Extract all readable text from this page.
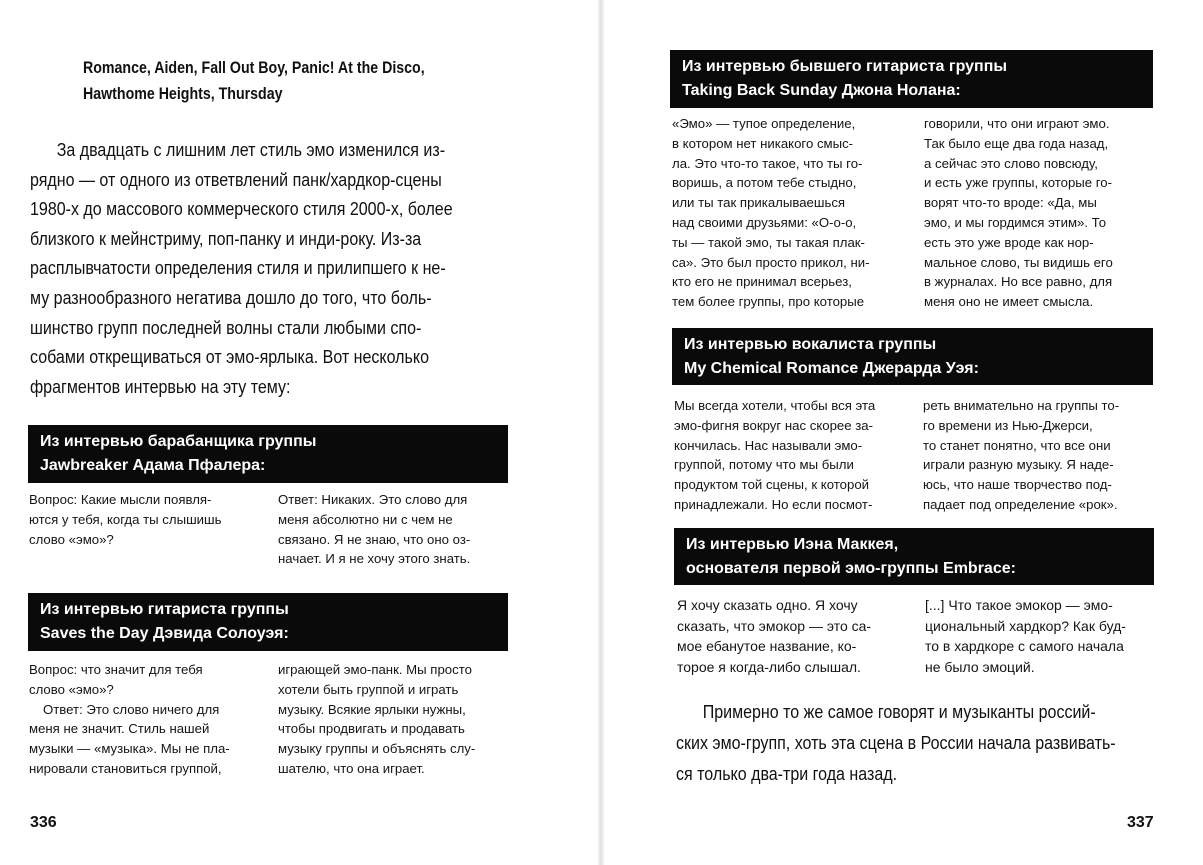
Romance, Aiden, Fall Out Boy, Panic! At the Disco,
Hawthome Heights, Thursday
За двадцать с лишним лет стиль эмо изменился из-
рядно — от одного из ответвлений панк/хардкор-сцены
1980-х до массового коммерческого стиля 2000-х, более
близкого к мейнстриму, поп-панку и инди-року. Из-за
расплывчатости определения стиля и прилипшего к не-
му разнообразного негатива дошло до того, что боль-
шинство групп последней волны стали любыми спо-
собами открещиваться от эмо-ярлыка. Вот несколько
фрагментов интервью на эту тему:
Из интервью барабанщика группы
Jawbreaker Адама Пфалера:
Вопрос: Какие мысли появля-
ются у тебя, когда ты слышишь
слово «эмо»?
Ответ: Никаких. Это слово для
меня абсолютно ни с чем не
связано. Я не знаю, что оно оз-
начает. И я не хочу этого знать.
Из интервью гитариста группы
Saves the Day Дэвида Солоуэя:
Вопрос: что значит для тебя
слово «эмо»?
Ответ: Это слово ничего для
меня не значит. Стиль нашей
музыки — «музыка». Мы не пла-
нировали становиться группой,
играющей эмо-панк. Мы просто
хотели быть группой и играть
музыку. Всякие ярлыки нужны,
чтобы продвигать и продавать
музыку группы и объяснять слу-
шателю, что она играет.
336
Из интервью бывшего гитариста группы
Taking Back Sunday Джона Нолана:
«Эмо» — тупое определение,
в котором нет никакого смыс-
ла. Это что-то такое, что ты го-
воришь, а потом тебе стыдно,
или ты так прикалываешься
над своими друзьями: «О-о-о,
ты — такой эмо, ты такая плак-
са». Это был просто прикол, ни-
кто его не принимал всерьез,
тем более группы, про которые
говорили, что они играют эмо.
Так было еще два года назад,
а сейчас это слово повсюду,
и есть уже группы, которые го-
ворят что-то вроде: «Да, мы
эмо, и мы гордимся этим». То
есть это уже вроде как нор-
мальное слово, ты видишь его
в журналах. Но все равно, для
меня оно не имеет смысла.
Из интервью вокалиста группы
My Chemical Romance Джерарда Уэя:
Мы всегда хотели, чтобы вся эта
эмо-фигня вокруг нас скорее за-
кончилась. Нас называли эмо-
группой, потому что мы были
продуктом той сцены, к которой
принадлежали. Но если посмот-
реть внимательно на группы то-
го времени из Нью-Джерси,
то станет понятно, что все они
играли разную музыку. Я наде-
юсь, что наше творчество под-
падает под определение «рок».
Из интервью Иэна Маккея,
основателя первой эмо-группы Embrace:
Я хочу сказать одно. Я хочу
сказать, что эмокор — это са-
мое ебанутое название, ко-
торое я когда-либо слышал.
[...] Что такое эмокор — эмо-
циональный хардкор? Как буд-
то в хардкоре с самого начала
не было эмоций.
337
Примерно то же самое говорят и музыканты россий-
ских эмо-групп, хоть эта сцена в России начала развивать-
ся только два-три года назад.
